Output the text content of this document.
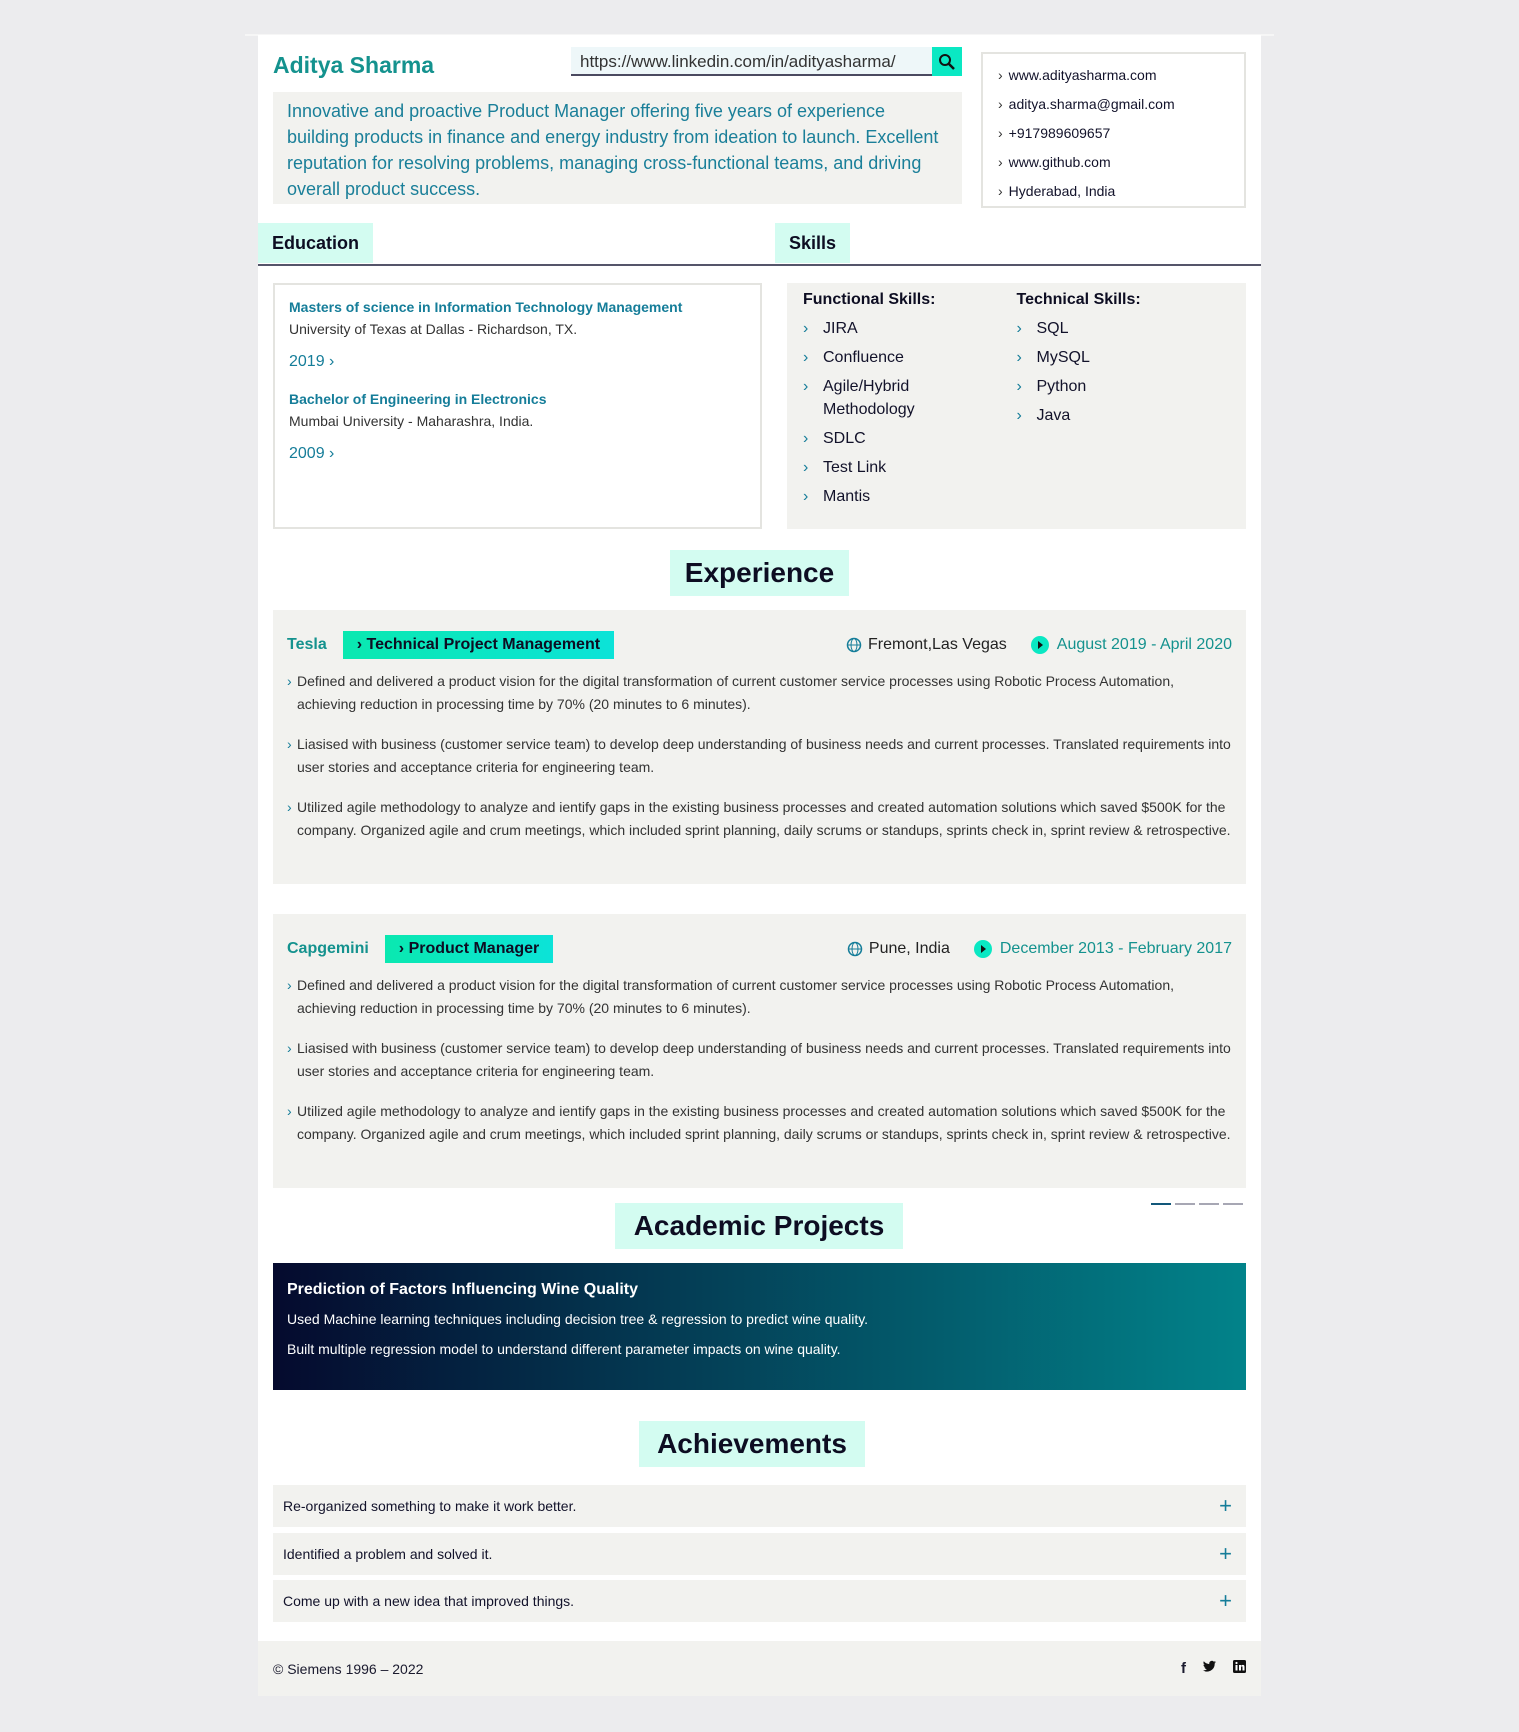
Aditya Sharma	https://www.linkedin.com/in/adityasharma/
Innovative and proactive Product Manager offering five years of experience building products in finance and energy industry from ideation to launch. Excellent reputation for resolving problems, managing cross-functional teams, and driving overall product success.
› www.adityasharma.com
› aditya.sharma@gmail.com
› +917989609657
› www.github.com
› Hyderabad, India
Education	Skills
Masters of science in Information Technology Management
University of Texas at Dallas - Richardson, TX.
2019 ›
Bachelor of Engineering in Electronics
Mumbai University - Maharashra, India.
2009 ›
Functional Skills:
› JIRA
› Confluence
› Agile/Hybrid Methodology
› SDLC
› Test Link
› Mantis
Technical Skills:
› SQL
› MySQL
› Python
› Java
Experience
Tesla	› Technical Project Management	Fremont,Las Vegas	August 2019 - April 2020
› Defined and delivered a product vision for the digital transformation of current customer service processes using Robotic Process Automation, achieving reduction in processing time by 70% (20 minutes to 6 minutes).
› Liasised with business (customer service team) to develop deep understanding of business needs and current processes. Translated requirements into user stories and acceptance criteria for engineering team.
› Utilized agile methodology to analyze and ientify gaps in the existing business processes and created automation solutions which saved $500K for the company. Organized agile and crum meetings, which included sprint planning, daily scrums or standups, sprints check in, sprint review & retrospective.
Capgemini	› Product Manager	Pune, India	December 2013 - February 2017
› Defined and delivered a product vision for the digital transformation of current customer service processes using Robotic Process Automation, achieving reduction in processing time by 70% (20 minutes to 6 minutes).
› Liasised with business (customer service team) to develop deep understanding of business needs and current processes. Translated requirements into user stories and acceptance criteria for engineering team.
› Utilized agile methodology to analyze and ientify gaps in the existing business processes and created automation solutions which saved $500K for the company. Organized agile and crum meetings, which included sprint planning, daily scrums or standups, sprints check in, sprint review & retrospective.
Academic Projects
Prediction of Factors Influencing Wine Quality

Used Machine learning techniques including decision tree & regression to predict wine quality.

Built multiple regression model to understand different parameter impacts on wine quality.

Achievements
Re-organized something to make it work better.	+
Identified a problem and solved it.	+
Come up with a new idea that improved things.	+
© Siemens 1996 – 2022	f
